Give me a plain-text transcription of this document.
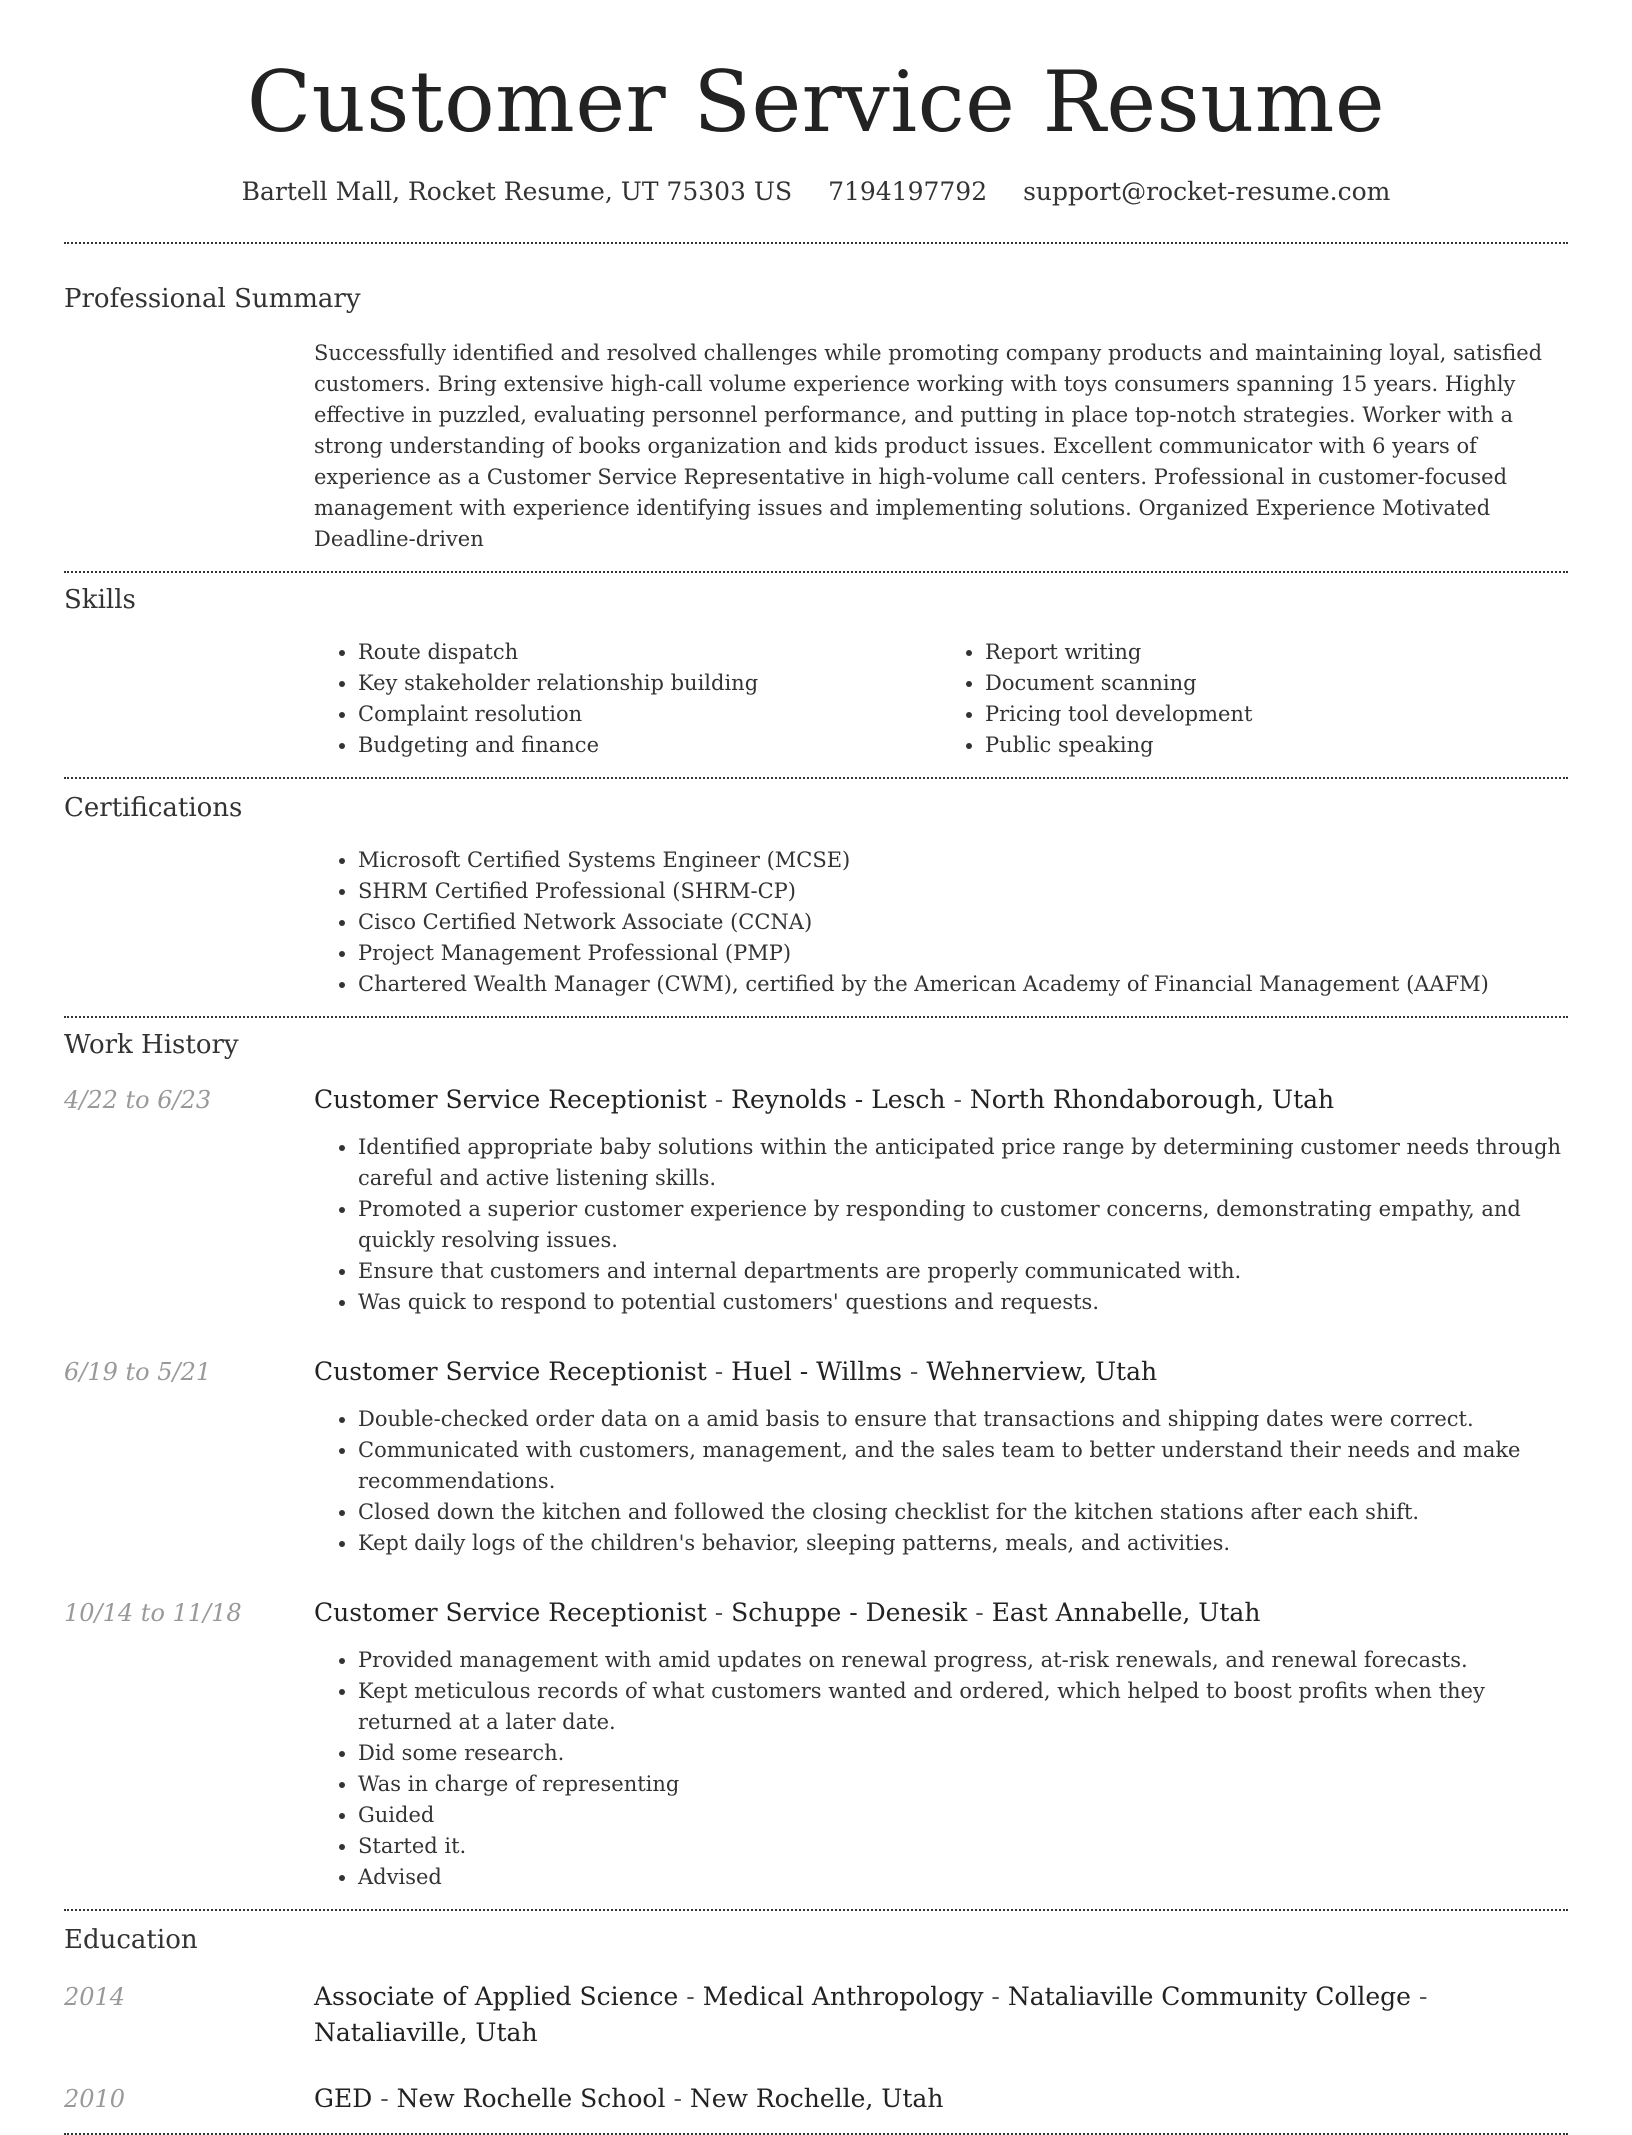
Customer Service Resume
Bartell Mall, Rocket Resume, UT 75303 US 7194197792 support@rocket-resume.com
Professional Summary

Successfully identified and resolved challenges while promoting company products and maintaining loyal, satisfied customers. Bring extensive high-call volume experience working with toys consumers spanning 15 years. Highly effective in puzzled, evaluating personnel performance, and putting in place top-notch strategies. Worker with a strong understanding of books organization and kids product issues. Excellent communicator with 6 years of experience as a Customer Service Representative in high-volume call centers. Professional in customer-focused management with experience identifying issues and implementing solutions. Organized Experience Motivated Deadline-driven

Skills
• Route dispatch
• Key stakeholder relationship building
• Complaint resolution
• Budgeting and finance
• Report writing
• Document scanning
• Pricing tool development
• Public speaking
Certifications
• Microsoft Certified Systems Engineer (MCSE)
• SHRM Certified Professional (SHRM-CP)
• Cisco Certified Network Associate (CCNA)
• Project Management Professional (PMP)
• Chartered Wealth Manager (CWM), certified by the American Academy of Financial Management (AAFM)
Work History
4/22 to 6/23	Customer Service Receptionist - Reynolds - Lesch - North Rhondaborough, Utah
• Identified appropriate baby solutions within the anticipated price range by determining customer needs through careful and active listening skills.
• Promoted a superior customer experience by responding to customer concerns, demonstrating empathy, and quickly resolving issues.
• Ensure that customers and internal departments are properly communicated with.
• Was quick to respond to potential customers' questions and requests.
6/19 to 5/21	Customer Service Receptionist - Huel - Willms - Wehnerview, Utah
• Double-checked order data on a amid basis to ensure that transactions and shipping dates were correct.
• Communicated with customers, management, and the sales team to better understand their needs and make recommendations.
• Closed down the kitchen and followed the closing checklist for the kitchen stations after each shift.
• Kept daily logs of the children's behavior, sleeping patterns, meals, and activities.
10/14 to 11/18	Customer Service Receptionist - Schuppe - Denesik - East Annabelle, Utah
• Provided management with amid updates on renewal progress, at-risk renewals, and renewal forecasts.
• Kept meticulous records of what customers wanted and ordered, which helped to boost profits when they returned at a later date.
• Did some research.
• Was in charge of representing
• Guided
• Started it.
• Advised
Education
2014	Associate of Applied Science - Medical Anthropology - Nataliaville Community College - Nataliaville, Utah
2010	GED - New Rochelle School - New Rochelle, Utah
